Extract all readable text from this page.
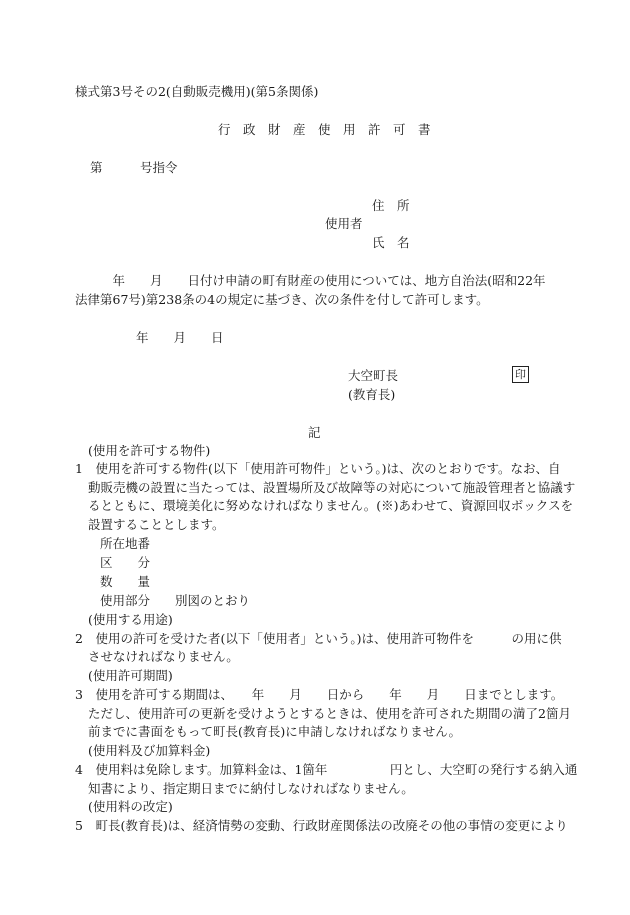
様式第3号その2(自動販売機用)(第5条関係)
行　政　財　産　使　用　許　可　書
第　　　号指令
住　所
使用者
氏　名
　　　年　　月　　日付け申請の町有財産の使用については、地方自治法(昭和22年
法律第67号)第238条の4の規定に基づき、次の条件を付して許可します。
年　　月　　日
大空町長	印
(教育長)
記
(使用を許可する物件)
1　使用を許可する物件(以下「使用許可物件」という。)は、次のとおりです。なお、自
動販売機の設置に当たっては、設置場所及び故障等の対応について施設管理者と協議す
るとともに、環境美化に努めなければなりません。(※)あわせて、資源回収ボックスを
設置することとします。
所在地番
区　　分
数　　量
使用部分　　別図のとおり
(使用する用途)
2　使用の許可を受けた者(以下「使用者」という。)は、使用許可物件を　　　の用に供
させなければなりません。
(使用許可期間)
3　使用を許可する期間は、　　年　　月　　日から　　年　　月　　日までとします。
ただし、使用許可の更新を受けようとするときは、使用を許可された期間の満了2箇月
前までに書面をもって町長(教育長)に申請しなければなりません。
(使用料及び加算料金)
4　使用料は免除します。加算料金は、1箇年　　　　　円とし、大空町の発行する納入通
知書により、指定期日までに納付しなければなりません。
(使用料の改定)
5　町長(教育長)は、経済情勢の変動、行政財産関係法の改廃その他の事情の変更により
